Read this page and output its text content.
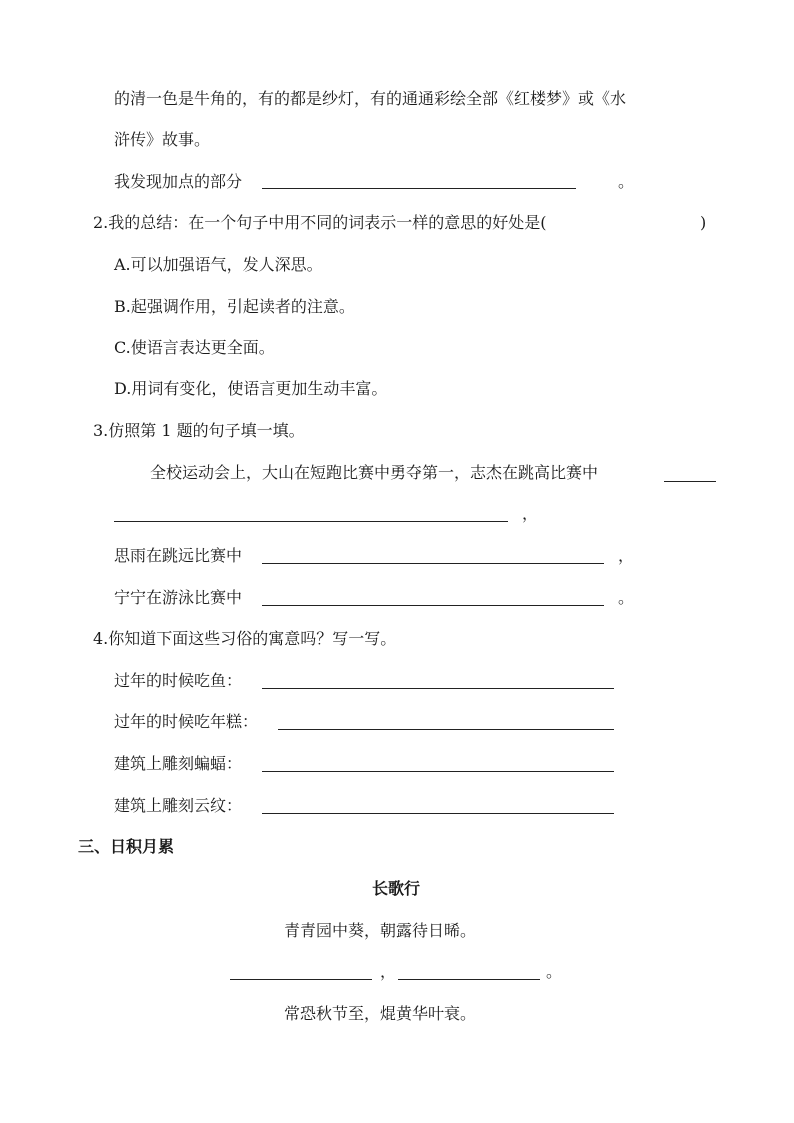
的清一色是牛角的，有的都是纱灯，有的通通彩绘全部《红楼梦》或《水
浒传》故事。
我发现加点的部分	。
2.我的总结：在一个句子中用不同的词表示一样的意思的好处是(	)
A.可以加强语气，发人深思。
B.起强调作用，引起读者的注意。
C.使语言表达更全面。
D.用词有变化，使语言更加生动丰富。
3.仿照第 1 题的句子填一填。
全校运动会上，大山在短跑比赛中勇夺第一，志杰在跳高比赛中
，
思雨在跳远比赛中	，
宁宁在游泳比赛中	。
4.你知道下面这些习俗的寓意吗？写一写。
过年的时候吃鱼：
过年的时候吃年糕：
建筑上雕刻蝙蝠：
建筑上雕刻云纹：
三、日积月累
长歌行
青青园中葵，朝露待日晞。
，	。
常恐秋节至，焜黄华叶衰。
